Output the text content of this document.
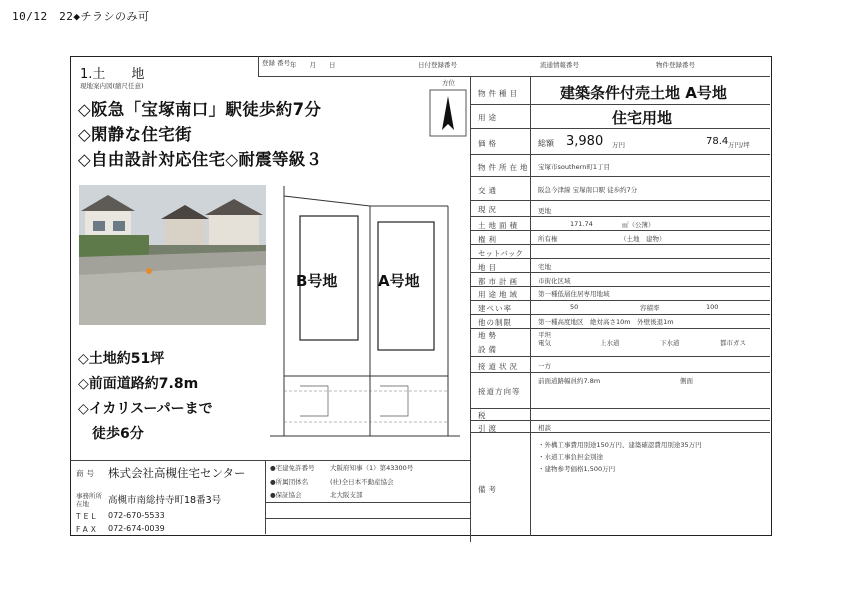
10/12　22◆チラシのみ可
1.土　　地
現地案内図(縮尺任意)	方位
◇阪急「宝塚南口」駅徒歩約7分
◇閑静な住宅街
◇自由設計対応住宅◇耐震等級３
◇土地約51坪
◇前面道路約7.8m
◇イカリスーパーまで
　徒歩6分
B号地	A号地
登録 番号 年　　月　　日	日付登録番号	流通情報番号	物件登録番号
物件種目	建築条件付売土地 A号地
用途	住宅用地
価格	総額 3,980 万円	78.4 万円/坪
物件所在地 宝塚市southern町1丁目
交通	阪急今津線 宝塚南口駅 徒歩約7分
現況	更地
土地面積	171.74	㎡（公簿）
権利	所有権	（土地　建物）
セットバック
地目	宅地
都市計画	市街化区域
用途地域	第一種低層住居専用地域
建ぺい率	50	容積率	100
他の制限	第一種高度地区　絶対高さ10m　外壁後退1m
地勢	平坦
設備
電気	上水道	下水道	都市ガス
接道状況	一方
接道方向等
前面道路幅員約7.8m	側面
税
引渡	相談
備考
・外構工事費用別途150万円、建築確認費用別途35万円
・水道工事負担金別途
・建物参考価格1,500万円
商号 株式会社高槻住宅センター
事務所所在地	高槻市南総持寺町18番3号
TEL 072-670-5533
FAX 072-674-0039
●宅建免許番号 大阪府知事（1）第43300号
●所属団体名	(社)全日本不動産協会
●保証協会	北大阪支部
